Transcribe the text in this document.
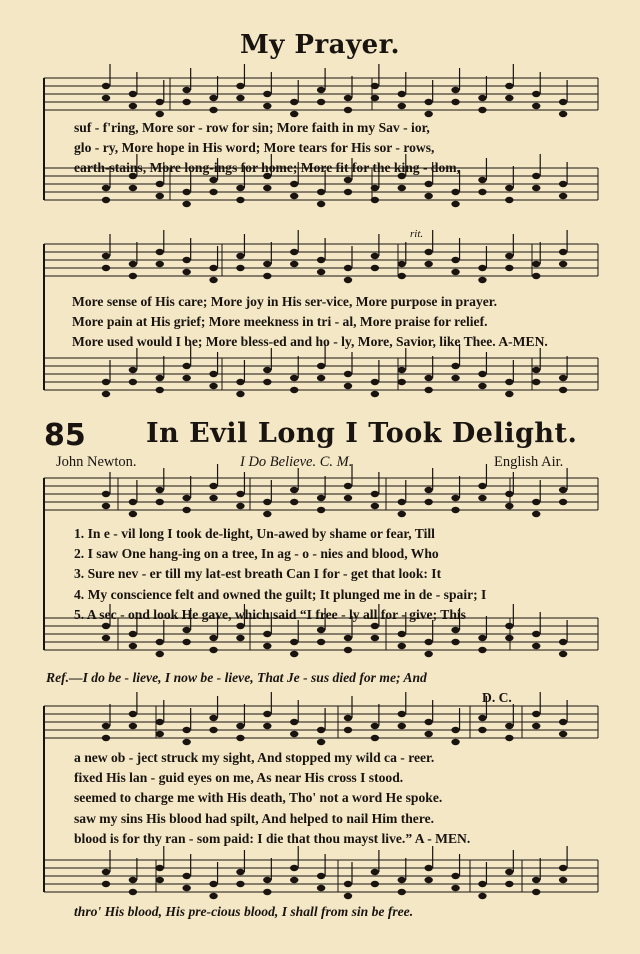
My Prayer.
suf - f'ring, More sor - row for sin; More faith in my Sav - ior,
glo - ry, More hope in His word; More tears for His sor - rows,
earth-stains, More long-ings for home; More fit for the king - dom,
rit.
More sense of His care; More joy in His ser-vice, More purpose in prayer.
More pain at His grief; More meekness in tri - al, More praise for relief.
More used would I be; More bless-ed and ho - ly, More, Savior, like Thee. A-MEN.
85 In Evil Long I Took Delight.
John Newton.	I Do Believe. C. M.	English Air.
1. In e - vil long I took de-light, Un-awed by shame or fear, Till
2. I saw One hang-ing on a tree, In ag - o - nies and blood, Who
3. Sure nev - er till my lat-est breath Can I for - get that look: It
4. My conscience felt and owned the guilt; It plunged me in de - spair; I
5. A sec - ond look He gave, which said “I free - ly all for - give; This
Ref.—I do be - lieve, I now be - lieve, That Je - sus died for me; And
D. C.
a new ob - ject struck my sight, And stopped my wild ca - reer.
fixed His lan - guid eyes on me, As near His cross I stood.
seemed to charge me with His death, Tho' not a word He spoke.
saw my sins His blood had spilt, And helped to nail Him there.
blood is for thy ran - som paid: I die that thou mayst live.” A - MEN.
thro' His blood, His pre-cious blood, I shall from sin be free.
